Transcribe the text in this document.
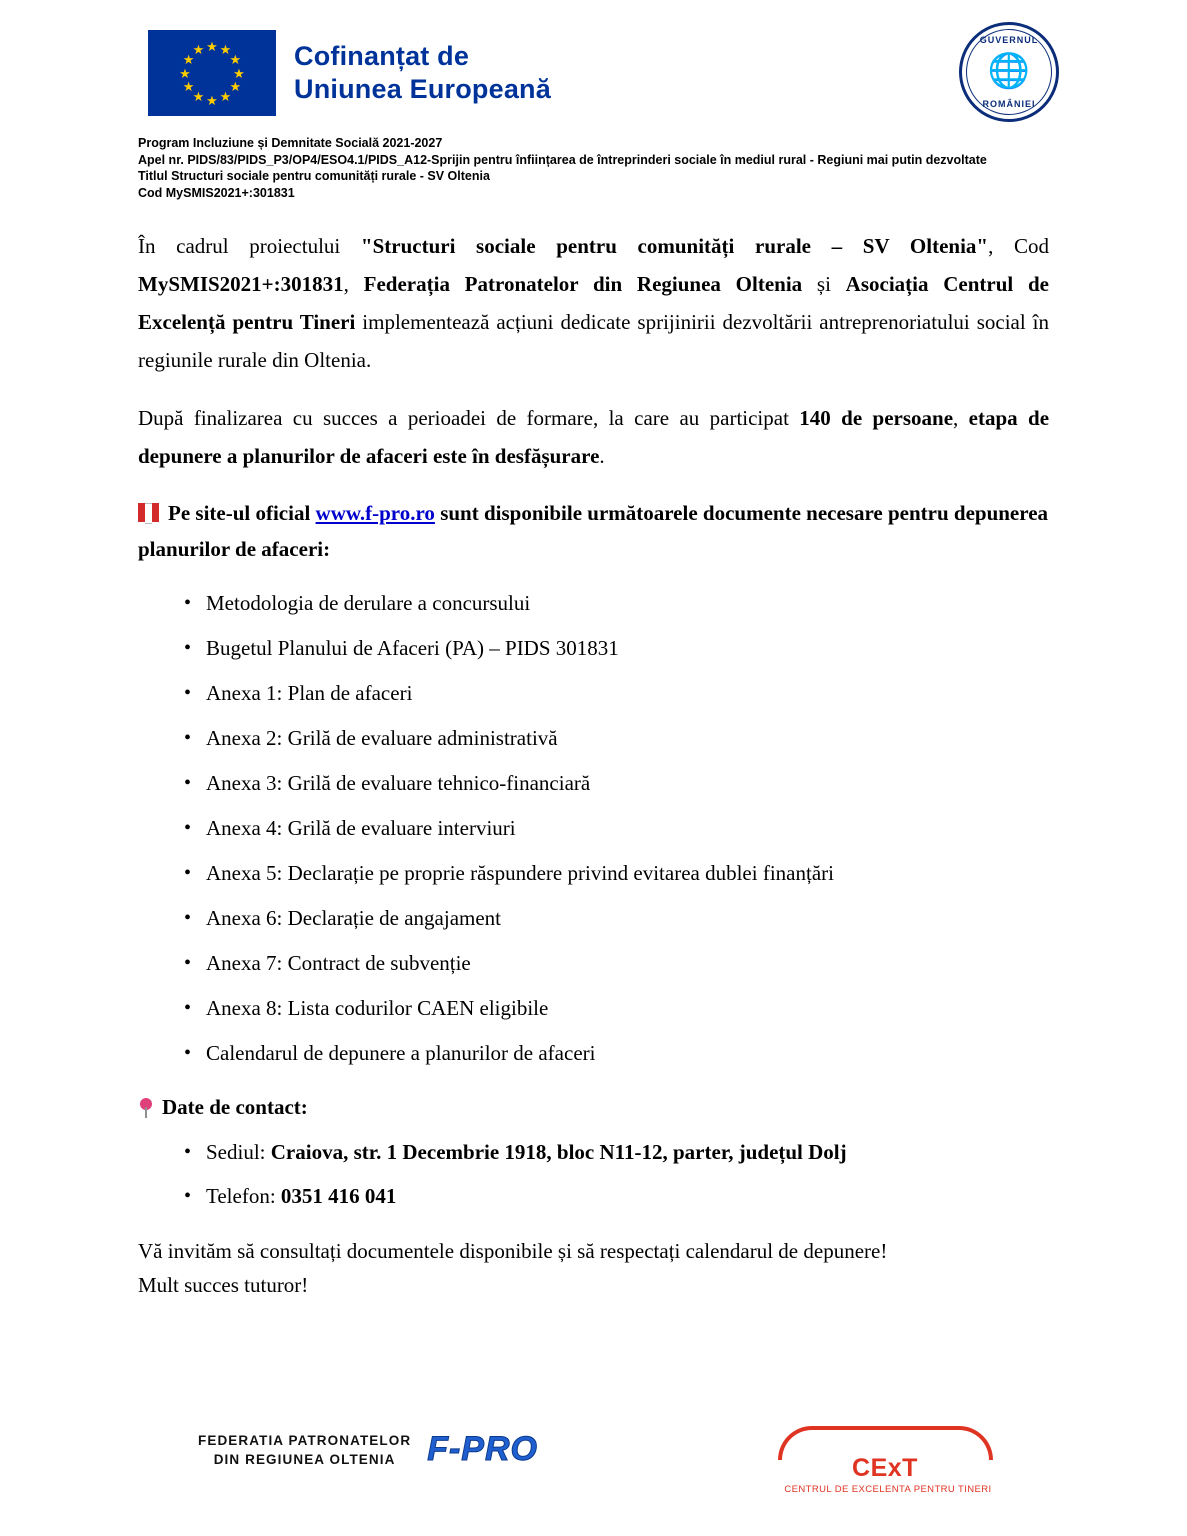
★ ★
★
★
★
★
★
★
★
★
★
★	Cofinanțat de
Uniunea Europeană
GUVERNUL
🌐
ROMÂNIEI
Program Incluziune și Demnitate Socială 2021-2027
Apel nr. PIDS/83/PIDS_P3/OP4/ESO4.1/PIDS_A12-Sprijin pentru înființarea de întreprinderi sociale în mediul rural - Regiuni mai putin dezvoltate
Titlul Structuri sociale pentru comunități rurale - SV Oltenia
Cod MySMIS2021+:301831

În cadrul proiectului "Structuri sociale pentru comunități rurale – SV Oltenia", Cod MySMIS2021+:301831, Federația Patronatelor din Regiunea Oltenia și Asociația Centrul de Excelență pentru Tineri implementează acțiuni dedicate sprijinirii dezvoltării antreprenoriatului social în regiunile rurale din Oltenia.

După finalizarea cu succes a perioadei de formare, la care au participat 140 de persoane, etapa de depunere a planurilor de afaceri este în desfășurare.

Pe site-ul oficial www.f-pro.ro sunt disponibile următoarele documente necesare pentru depunerea planurilor de afaceri:
• Metodologia de derulare a concursului
• Bugetul Planului de Afaceri (PA) – PIDS 301831
• Anexa 1: Plan de afaceri
• Anexa 2: Grilă de evaluare administrativă
• Anexa 3: Grilă de evaluare tehnico-financiară
• Anexa 4: Grilă de evaluare interviuri
• Anexa 5: Declarație pe proprie răspundere privind evitarea dublei finanțări
• Anexa 6: Declarație de angajament
• Anexa 7: Contract de subvenție
• Anexa 8: Lista codurilor CAEN eligibile
• Calendarul de depunere a planurilor de afaceri
Date de contact:
• Sediul: Craiova, str. 1 Decembrie 1918, bloc N11-12, parter, județul Dolj
• Telefon: 0351 416 041
Vă invităm să consultați documentele disponibile și să respectați calendarul de depunere!
Mult succes tuturor!
FEDERATIA PATRONATELOR
DIN REGIUNEA OLTENIA F-PRO	CExTCENTRUL DE EXCELENTA PENTRU TINERI
